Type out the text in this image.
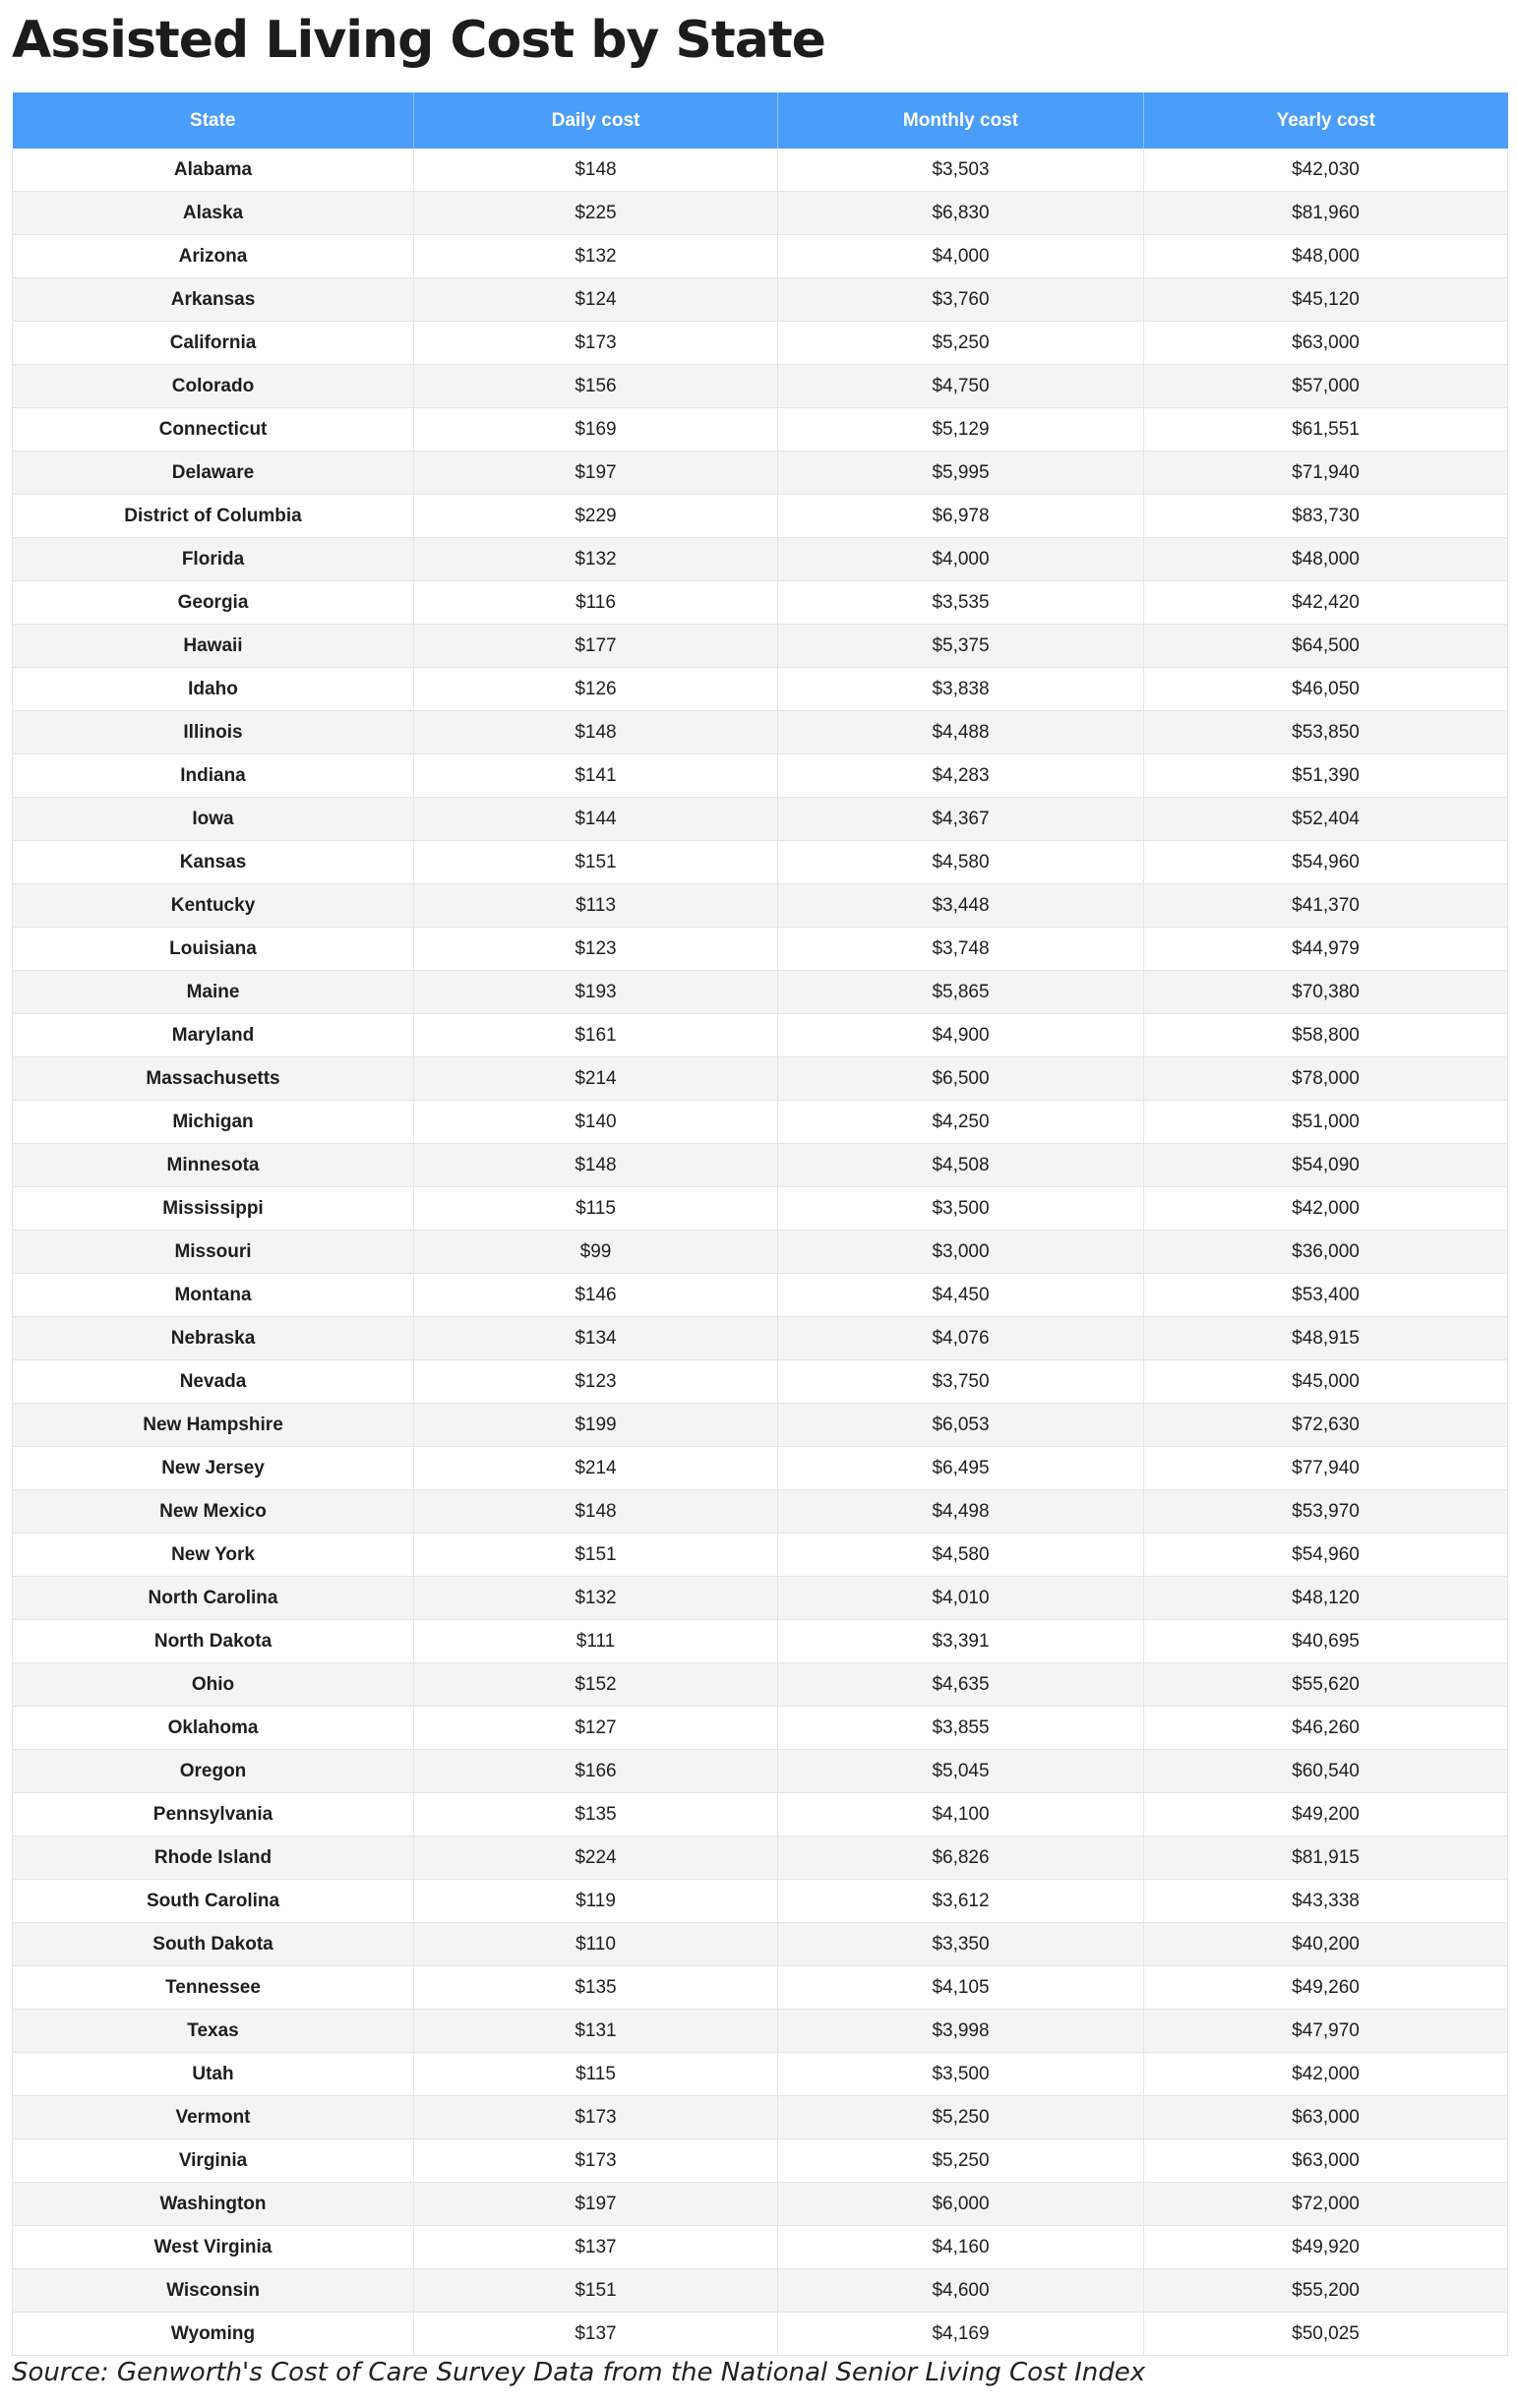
Assisted Living Cost by State
State	Daily cost	Monthly cost	Yearly cost
Alabama	$148	$3,503	$42,030
Alaska	$225	$6,830	$81,960
Arizona	$132	$4,000	$48,000
Arkansas	$124	$3,760	$45,120
California	$173	$5,250	$63,000
Colorado	$156	$4,750	$57,000
Connecticut	$169	$5,129	$61,551
Delaware	$197	$5,995	$71,940
District of Columbia	$229	$6,978	$83,730
Florida	$132	$4,000	$48,000
Georgia	$116	$3,535	$42,420
Hawaii	$177	$5,375	$64,500
Idaho	$126	$3,838	$46,050
Illinois	$148	$4,488	$53,850
Indiana	$141	$4,283	$51,390
Iowa	$144	$4,367	$52,404
Kansas	$151	$4,580	$54,960
Kentucky	$113	$3,448	$41,370
Louisiana	$123	$3,748	$44,979
Maine	$193	$5,865	$70,380
Maryland	$161	$4,900	$58,800
Massachusetts	$214	$6,500	$78,000
Michigan	$140	$4,250	$51,000
Minnesota	$148	$4,508	$54,090
Mississippi	$115	$3,500	$42,000
Missouri	$99	$3,000	$36,000
Montana	$146	$4,450	$53,400
Nebraska	$134	$4,076	$48,915
Nevada	$123	$3,750	$45,000
New Hampshire	$199	$6,053	$72,630
New Jersey	$214	$6,495	$77,940
New Mexico	$148	$4,498	$53,970
New York	$151	$4,580	$54,960
North Carolina	$132	$4,010	$48,120
North Dakota	$111	$3,391	$40,695
Ohio	$152	$4,635	$55,620
Oklahoma	$127	$3,855	$46,260
Oregon	$166	$5,045	$60,540
Pennsylvania	$135	$4,100	$49,200
Rhode Island	$224	$6,826	$81,915
South Carolina	$119	$3,612	$43,338
South Dakota	$110	$3,350	$40,200
Tennessee	$135	$4,105	$49,260
Texas	$131	$3,998	$47,970
Utah	$115	$3,500	$42,000
Vermont	$173	$5,250	$63,000
Virginia	$173	$5,250	$63,000
Washington	$197	$6,000	$72,000
West Virginia	$137	$4,160	$49,920
Wisconsin	$151	$4,600	$55,200
Wyoming	$137	$4,169	$50,025

Source: Genworth's Cost of Care Survey Data from the National Senior Living Cost Index
